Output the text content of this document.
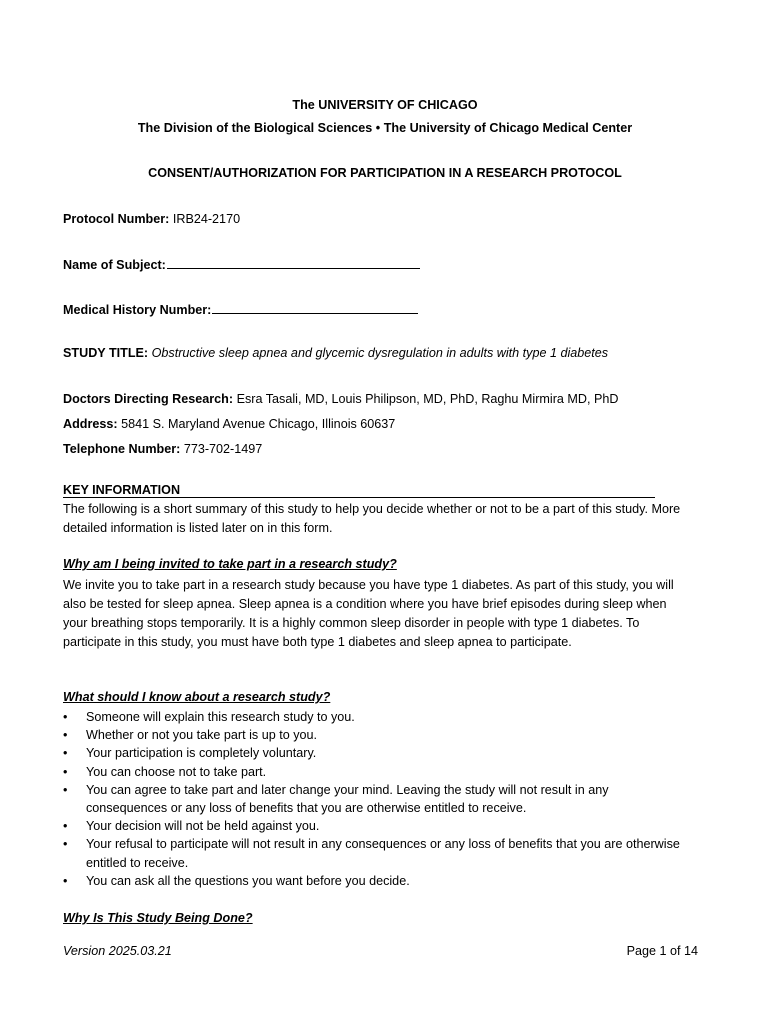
The UNIVERSITY OF CHICAGO
The Division of the Biological Sciences • The University of Chicago Medical Center
CONSENT/AUTHORIZATION FOR PARTICIPATION IN A RESEARCH PROTOCOL
Protocol Number: IRB24-2170
Name of Subject:
Medical History Number:
STUDY TITLE: Obstructive sleep apnea and glycemic dysregulation in adults with type 1 diabetes
Doctors Directing Research: Esra Tasali, MD, Louis Philipson, MD, PhD, Raghu Mirmira MD, PhD
Address: 5841 S. Maryland Avenue Chicago, Illinois 60637
Telephone Number: 773-702-1497
KEY INFORMATION
The following is a short summary of this study to help you decide whether or not to be a part of this study. More detailed information is listed later on in this form.
Why am I being invited to take part in a research study?
We invite you to take part in a research study because you have type 1 diabetes. As part of this study, you will also be tested for sleep apnea. Sleep apnea is a condition where you have brief episodes during sleep when your breathing stops temporarily. It is a highly common sleep disorder in people with type 1 diabetes. To participate in this study, you must have both type 1 diabetes and sleep apnea to participate.
What should I know about a research study?
• Someone will explain this research study to you.
• Whether or not you take part is up to you.
• Your participation is completely voluntary.
• You can choose not to take part.
• You can agree to take part and later change your mind. Leaving the study will not result in any consequences or any loss of benefits that you are otherwise entitled to receive.
• Your decision will not be held against you.
• Your refusal to participate will not result in any consequences or any loss of benefits that you are otherwise entitled to receive.
• You can ask all the questions you want before you decide.
Why Is This Study Being Done?
Version 2025.03.21	Page 1 of 14
